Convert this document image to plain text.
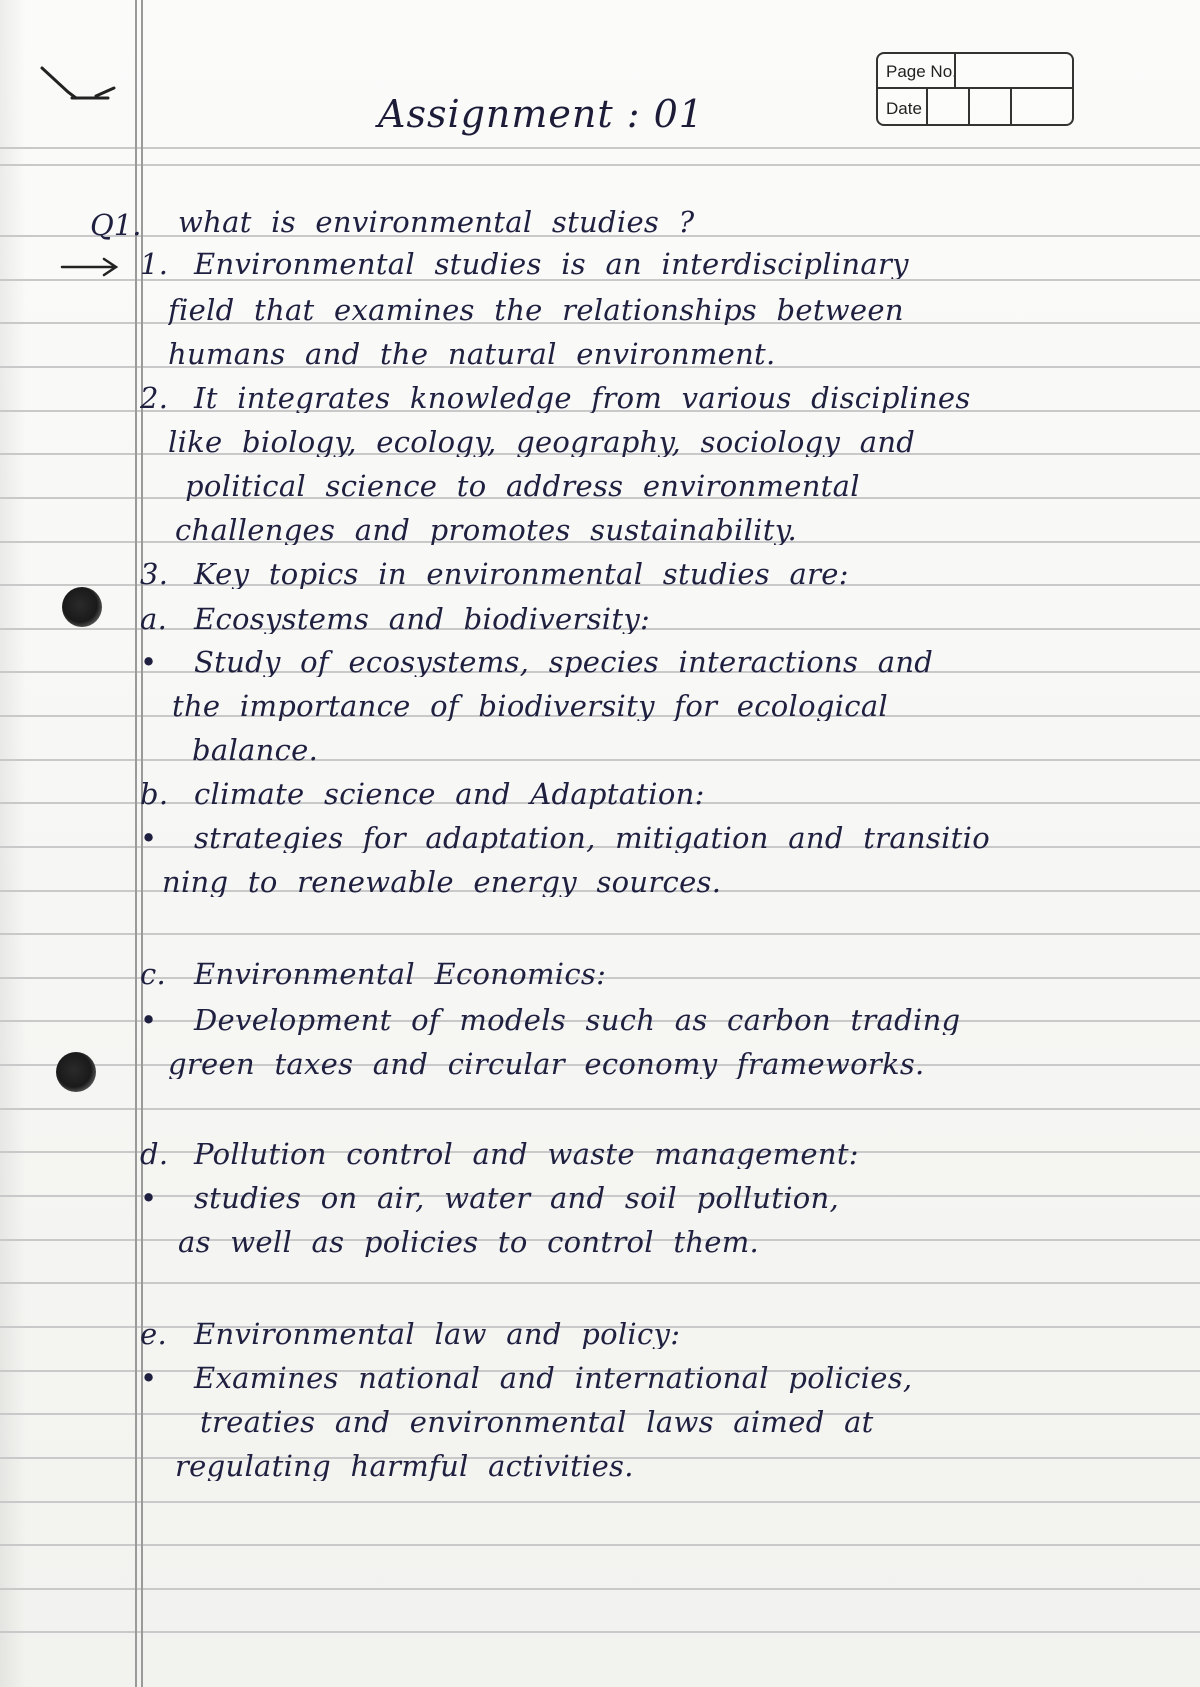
Page No.
Date
Assignment : 01
Q1. what is environmental studies ?
1. Environmental studies is an interdisciplinary
field that examines the relationships between
humans and the natural environment.
2. It integrates knowledge from various disciplines
like biology, ecology, geography, sociology and
political science to address environmental
challenges and promotes sustainability.
3. Key topics in environmental studies are:
a. Ecosystems and biodiversity:
• Study of ecosystems, species interactions and
the importance of biodiversity for ecological
balance.
b. climate science and Adaptation:
• strategies for adaptation, mitigation and transitio
ning to renewable energy sources.
c. Environmental Economics:
• Development of models such as carbon trading
green taxes and circular economy frameworks.
d. Pollution control and waste management:
• studies on air, water and soil pollution,
as well as policies to control them.
e. Environmental law and policy:
• Examines national and international policies,
treaties and environmental laws aimed at
regulating harmful activities.
